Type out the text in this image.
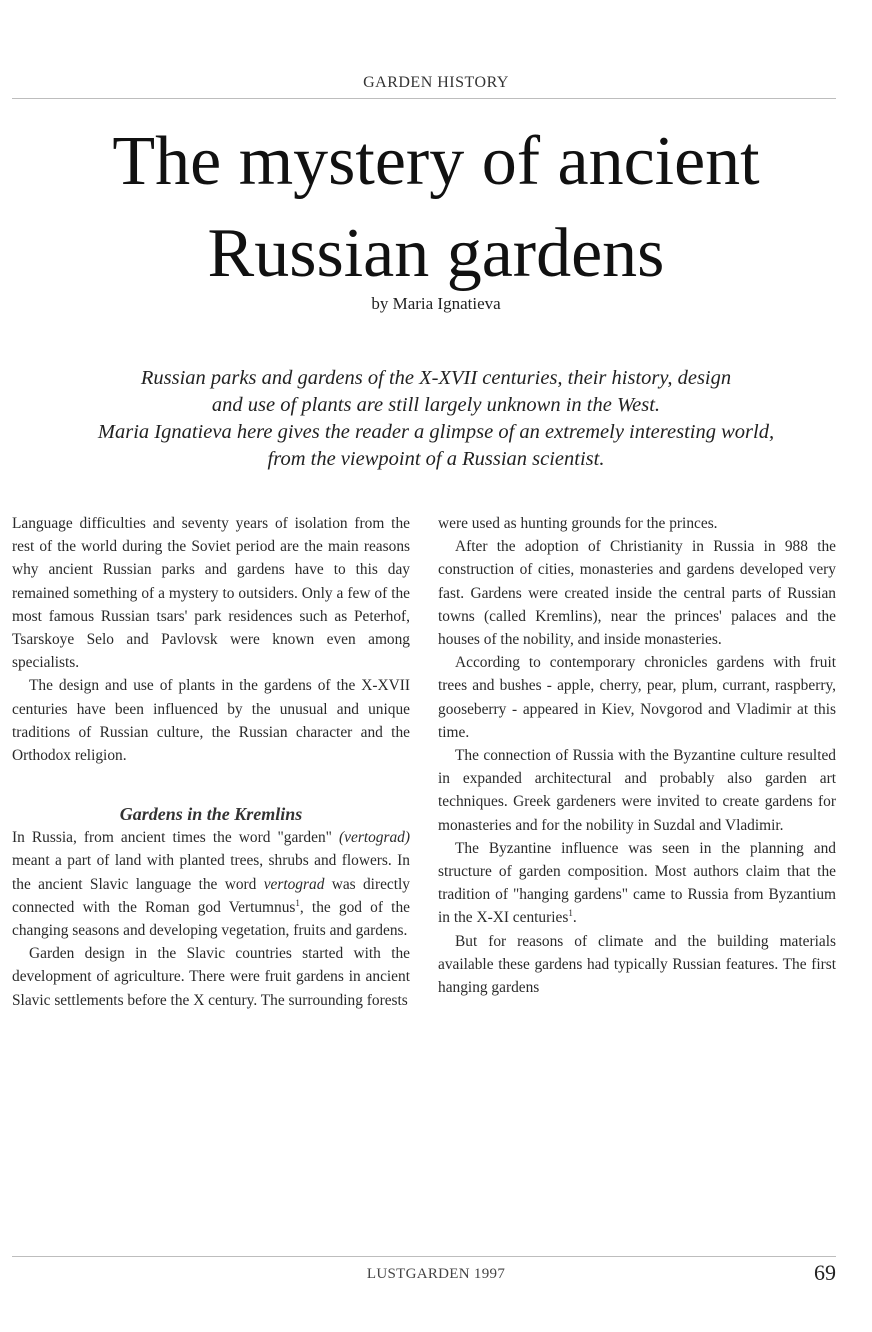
GARDEN HISTORY
The mystery of ancient
Russian gardens
by Maria Ignatieva
Russian parks and gardens of the X-XVII centuries, their history, design
and use of plants are still largely unknown in the West.
Maria Ignatieva here gives the reader a glimpse of an extremely interesting world,
from the viewpoint of a Russian scientist.

Language difficulties and seventy years of isolation from the rest of the world during the Soviet period are the main reasons why ancient Russian parks and gardens have to this day remained something of a mystery to outsiders. Only a few of the most famous Russian tsars' park residences such as Peterhof, Tsarskoye Selo and Pavlovsk were known even among specialists.

The design and use of plants in the gardens of the X-XVII centuries have been influenced by the unusual and unique traditions of Russian culture, the Russian character and the Orthodox religion.

Gardens in the Kremlins

In Russia, from ancient times the word "garden" (vertograd) meant a part of land with planted trees, shrubs and flowers. In the ancient Slavic language the word vertograd was directly connected with the Roman god Vertumnus$^1$, the god of the changing seasons and developing vegetation, fruits and gardens.

Garden design in the Slavic countries started with the development of agriculture. There were fruit gardens in ancient Slavic settlements before the X century. The surrounding forests

were used as hunting grounds for the princes.

After the adoption of Christianity in Russia in 988 the construction of cities, monasteries and gardens developed very fast. Gardens were created inside the central parts of Russian towns (called Kremlins), near the princes' palaces and the houses of the nobility, and inside monasteries.

According to contemporary chronicles gardens with fruit trees and bushes - apple, cherry, pear, plum, currant, raspberry, gooseberry - appeared in Kiev, Novgorod and Vladimir at this time.

The connection of Russia with the Byzantine culture resulted in expanded architectural and probably also garden art techniques. Greek gardeners were invited to create gardens for monasteries and for the nobility in Suzdal and Vladimir.

The Byzantine influence was seen in the planning and structure of garden composition. Most authors claim that the tradition of "hanging gardens" came to Russia from Byzantium in the X-XI centuries$^1$.

But for reasons of climate and the building materials available these gardens had typically Russian features. The first hanging gardens

LUSTGARDEN 1997	69
